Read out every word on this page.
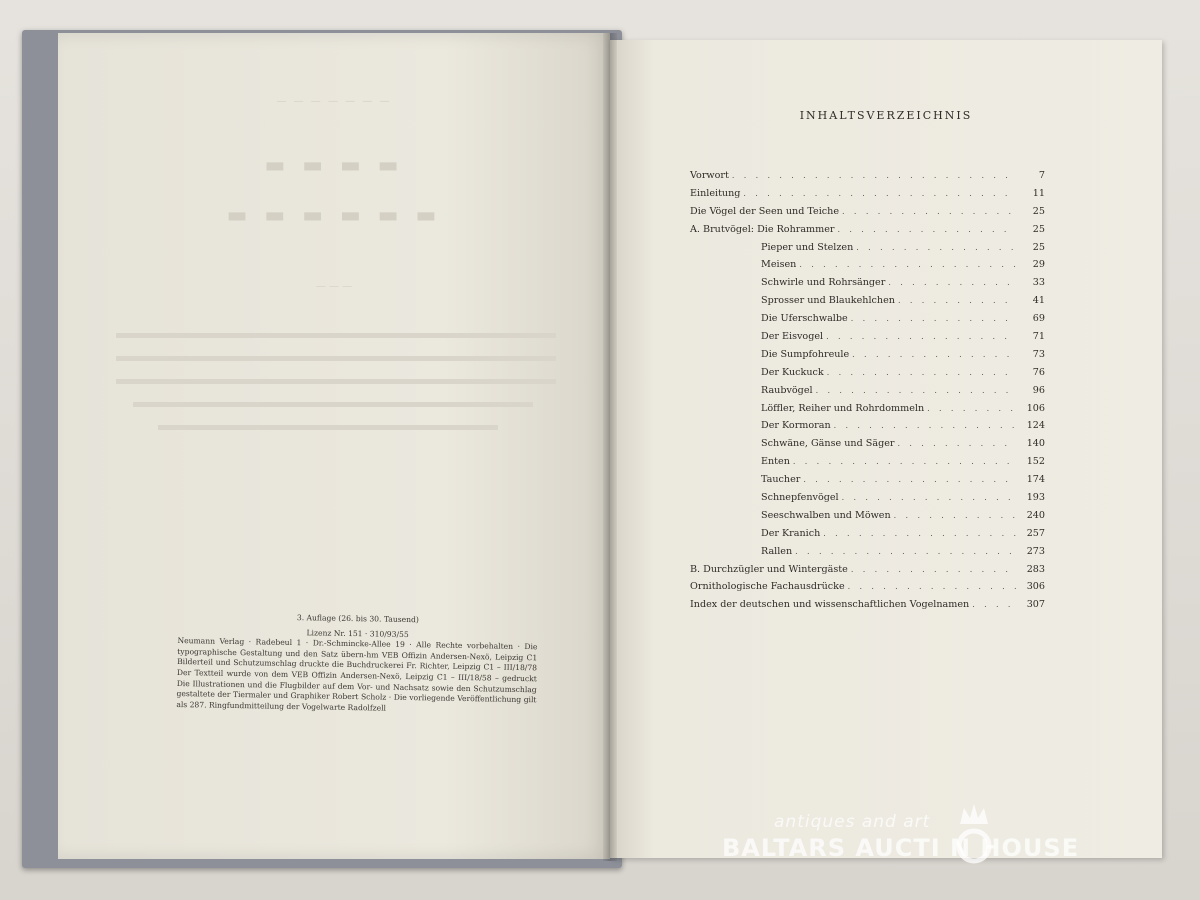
— — — — — — —
▬ ▬ ▬ ▬
▬ ▬ ▬ ▬ ▬ ▬
— — —
3. Auflage (26. bis 30. Tausend)
Lizenz Nr. 151 · 310/93/55

Neumann Verlag · Radebeul 1 · Dr.-Schmincke-Allee 19 · Alle Rechte vorbehalten · Die typographische Gestaltung und den Satz übern-hm VEB Offizin Andersen-Nexö, Leipzig C1 Bilderteil und Schutzumschlag druckte die Buchdruckerei Fr. Richter, Leipzig C1 – III/18/78 Der Textteil wurde von dem VEB Offizin Andersen-Nexö, Leipzig C1 – III/18/58 – gedruckt Die Illustrationen und die Flugbilder auf dem Vor- und Nachsatz sowie den Schutzumschlag gestaltete der Tiermaler und Graphiker Robert Scholz · Die vorliegende Veröffentlichung gilt als 287. Ringfundmitteilung der Vogelwarte Radolfzell

INHALTSVERZEICHNIS
Vorwort . . .	7
Einleitung . . .	11
Die Vögel der Seen und Teiche . . .	25
A. Brutvögel: Die Rohrammer . . .	25
Pieper und Stelzen . . .	25
Meisen . . .	29
Schwirle und Rohrsänger . . .	33
Sprosser und Blaukehlchen . . .	41
Die Uferschwalbe . . .	69
Der Eisvogel . . .	71
Die Sumpfohreule . . .	73
Der Kuckuck . . .	76
Raubvögel . . .	96
Löffler, Reiher und Rohrdommeln . . .	106
Der Kormoran . . .	124
Schwäne, Gänse und Säger . . .	140
Enten . . .	152
Taucher . . .	174
Schnepfenvögel . . .	193
Seeschwalben und Möwen . . .	240
Der Kranich . . .	257
Rallen . . .	273
B. Durchzügler und Wintergäste . . .	283
Ornithologische Fachausdrücke . . .	306
Index der deutschen und wissenschaftlichen Vogelnamen . . .	307
antiques and art
BALTARS AUCTI N HOUSE
